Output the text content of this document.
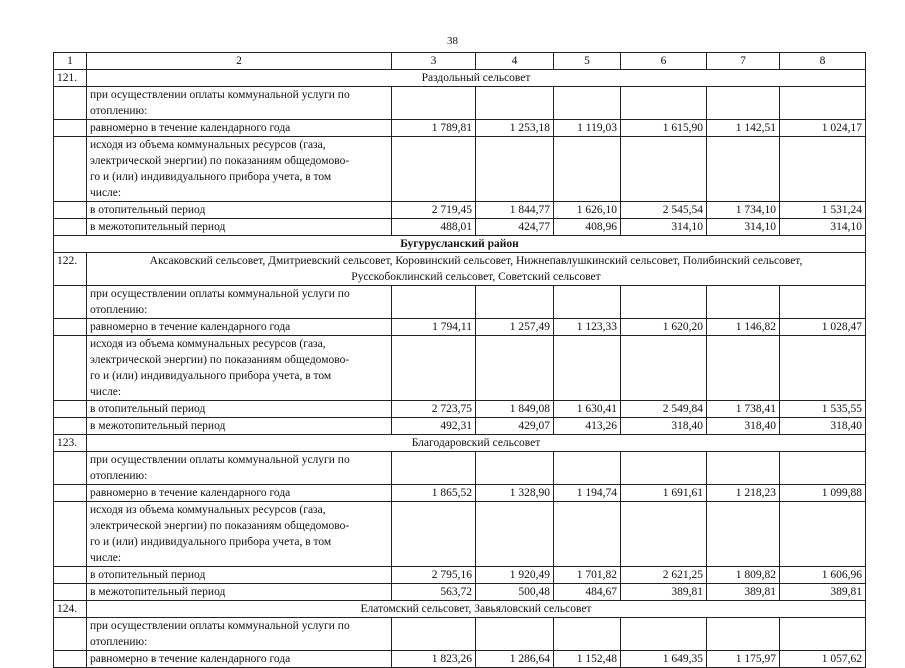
38
1	2	3	4	5	6	7	8
121.	Раздольный сельсовет						

	при осуществлении оплаты коммунальной услуги по
отоплению:						

	равномерно в течение календарного года	1 789,81	1 253,18	1 119,03	1 615,90	1 142,51	1 024,17

	исходя из объема коммунальных ресурсов (газа,
электрической энергии) по показаниям общедомово-
го и (или) индивидуального прибора учета, в том
числе:						

	в отопительный период	2 719,45	1 844,77	1 626,10	2 545,54	1 734,10	1 531,24
	в межотопительный период	488,01	424,77	408,96	314,10	314,10	314,10
Бугурусланский район							
122.	Аксаковский сельсовет, Дмитриевский сельсовет, Коровинский сельсовет, Нижнепавлушкинский сельсовет, Полибинский сельсовет,
Русскобоклинский сельсовет, Советский сельсовет						

	при осуществлении оплаты коммунальной услуги по
отоплению:						

	равномерно в течение календарного года	1 794,11	1 257,49	1 123,33	1 620,20	1 146,82	1 028,47

	исходя из объема коммунальных ресурсов (газа,
электрической энергии) по показаниям общедомово-
го и (или) индивидуального прибора учета, в том
числе:						

	в отопительный период	2 723,75	1 849,08	1 630,41	2 549,84	1 738,41	1 535,55
	в межотопительный период	492,31	429,07	413,26	318,40	318,40	318,40
123.	Благодаровский сельсовет						

	при осуществлении оплаты коммунальной услуги по
отоплению:						

	равномерно в течение календарного года	1 865,52	1 328,90	1 194,74	1 691,61	1 218,23	1 099,88

	исходя из объема коммунальных ресурсов (газа,
электрической энергии) по показаниям общедомово-
го и (или) индивидуального прибора учета, в том
числе:						

	в отопительный период	2 795,16	1 920,49	1 701,82	2 621,25	1 809,82	1 606,96
	в межотопительный период	563,72	500,48	484,67	389,81	389,81	389,81
124.	Елатомский сельсовет, Завьяловский сельсовет						

	при осуществлении оплаты коммунальной услуги по
отоплению:						

	равномерно в течение календарного года	1 823,26	1 286,64	1 152,48	1 649,35	1 175,97	1 057,62
